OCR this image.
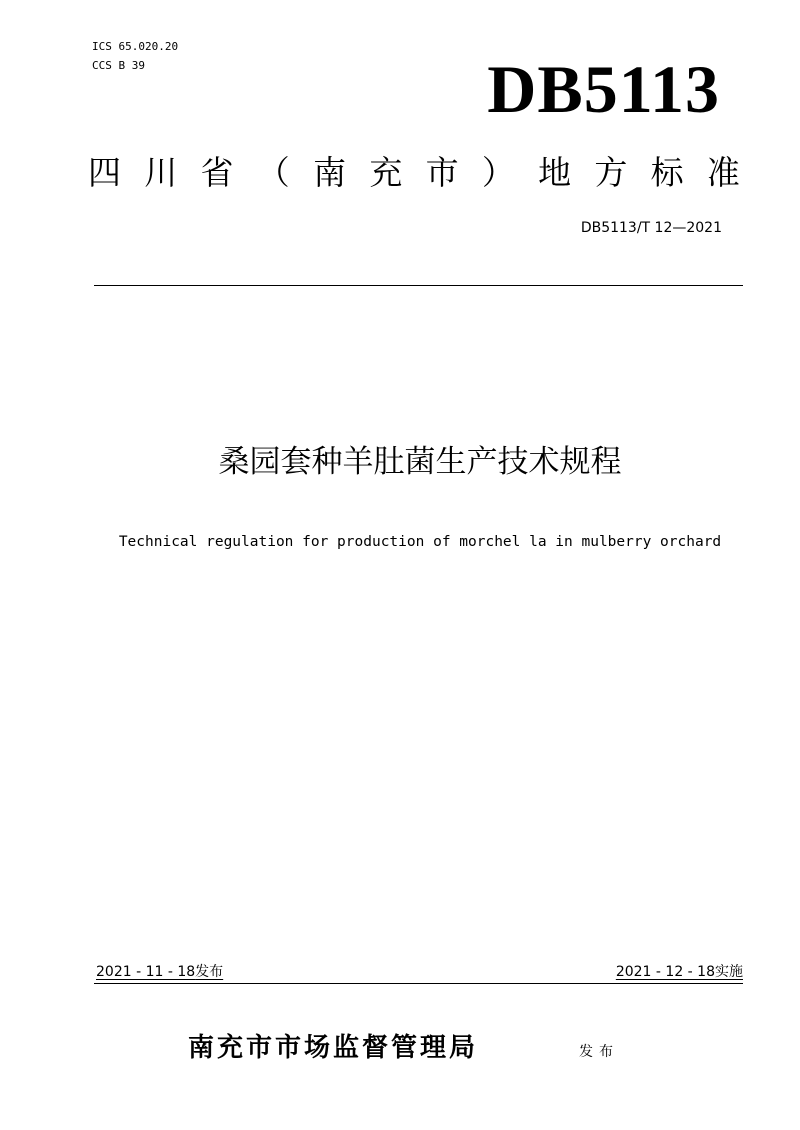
ICS 65.020.20
CCS B 39	DB5113
四 川 省 （ 南 充 市 ） 地 方 标 准
DB5113/T 12—2021
桑园套种羊肚菌生产技术规程
Technical regulation for production of morchel la in mulberry orchard
2021 - 11 - 18发布	2021 - 12 - 18实施
南充市市场监督管理局	发布
